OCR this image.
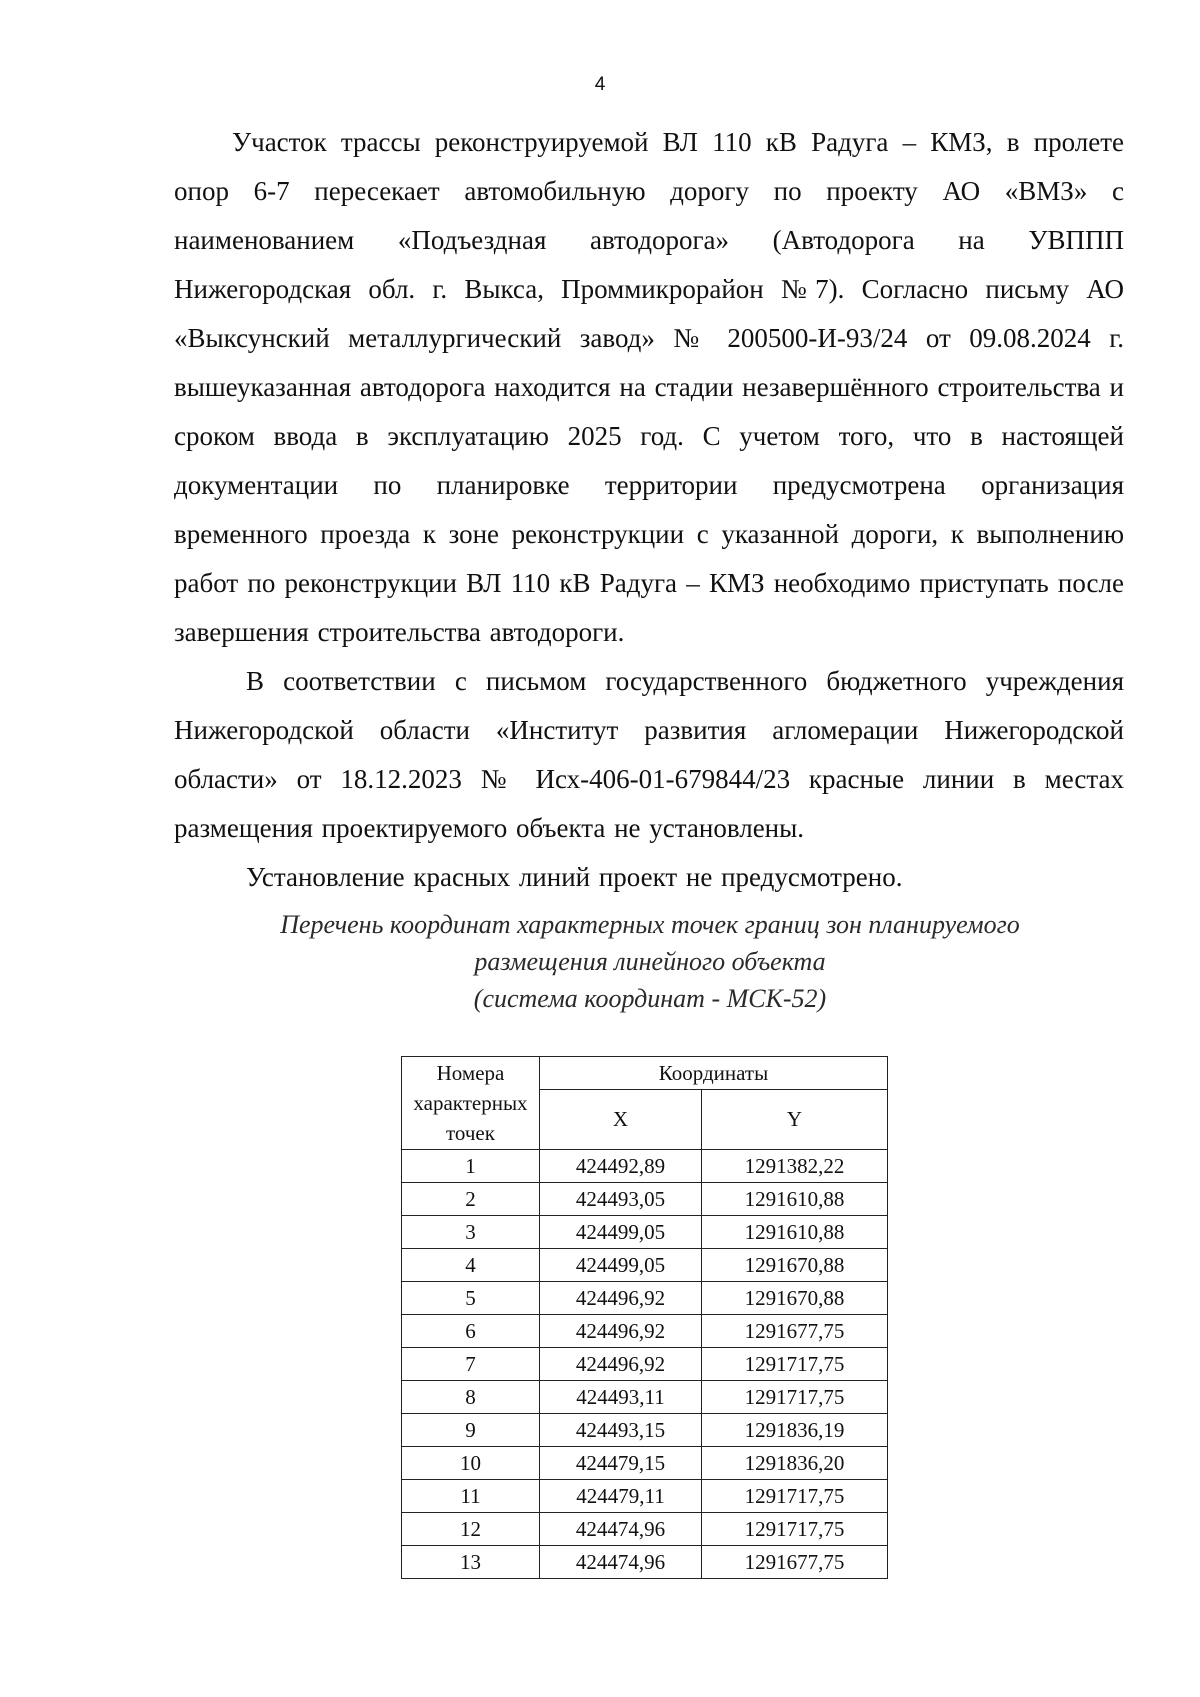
4

Участок трассы реконструируемой ВЛ 110 кВ Радуга – КМЗ, в пролете опор 6-7 пересекает автомобильную дорогу по проекту АО «ВМЗ» с наименованием «Подъездная автодорога» (Автодорога на УВППП Нижегородская обл. г. Выкса, Проммикрорайон №7). Согласно письму АО «Выксунский металлургический завод» № 200500-И-93/24 от 09.08.2024 г. вышеуказанная автодорога находится на стадии незавершённого строительства и сроком ввода в эксплуатацию 2025 год. С учетом того, что в настоящей документации по планировке территории предусмотрена организация временного проезда к зоне реконструкции с указанной дороги, к выполнению работ по реконструкции ВЛ 110 кВ Радуга – КМЗ необходимо приступать после завершения строительства автодороги.

В соответствии с письмом государственного бюджетного учреждения Нижегородской области «Институт развития агломерации Нижегородской области» от 18.12.2023 № Исх-406-01-679844/23 красные линии в местах размещения проектируемого объекта не установлены.

Установление красных линий проект не предусмотрено.

Перечень координат характерных точек границ зон планируемого
размещения линейного объекта
(система координат - МСК-52)
Номера характерных точек	Координаты	
	X	Y
1	424492,89	1291382,22
2	424493,05	1291610,88
3	424499,05	1291610,88
4	424499,05	1291670,88
5	424496,92	1291670,88
6	424496,92	1291677,75
7	424496,92	1291717,75
8	424493,11	1291717,75
9	424493,15	1291836,19
10	424479,15	1291836,20
11	424479,11	1291717,75
12	424474,96	1291717,75
13	424474,96	1291677,75
